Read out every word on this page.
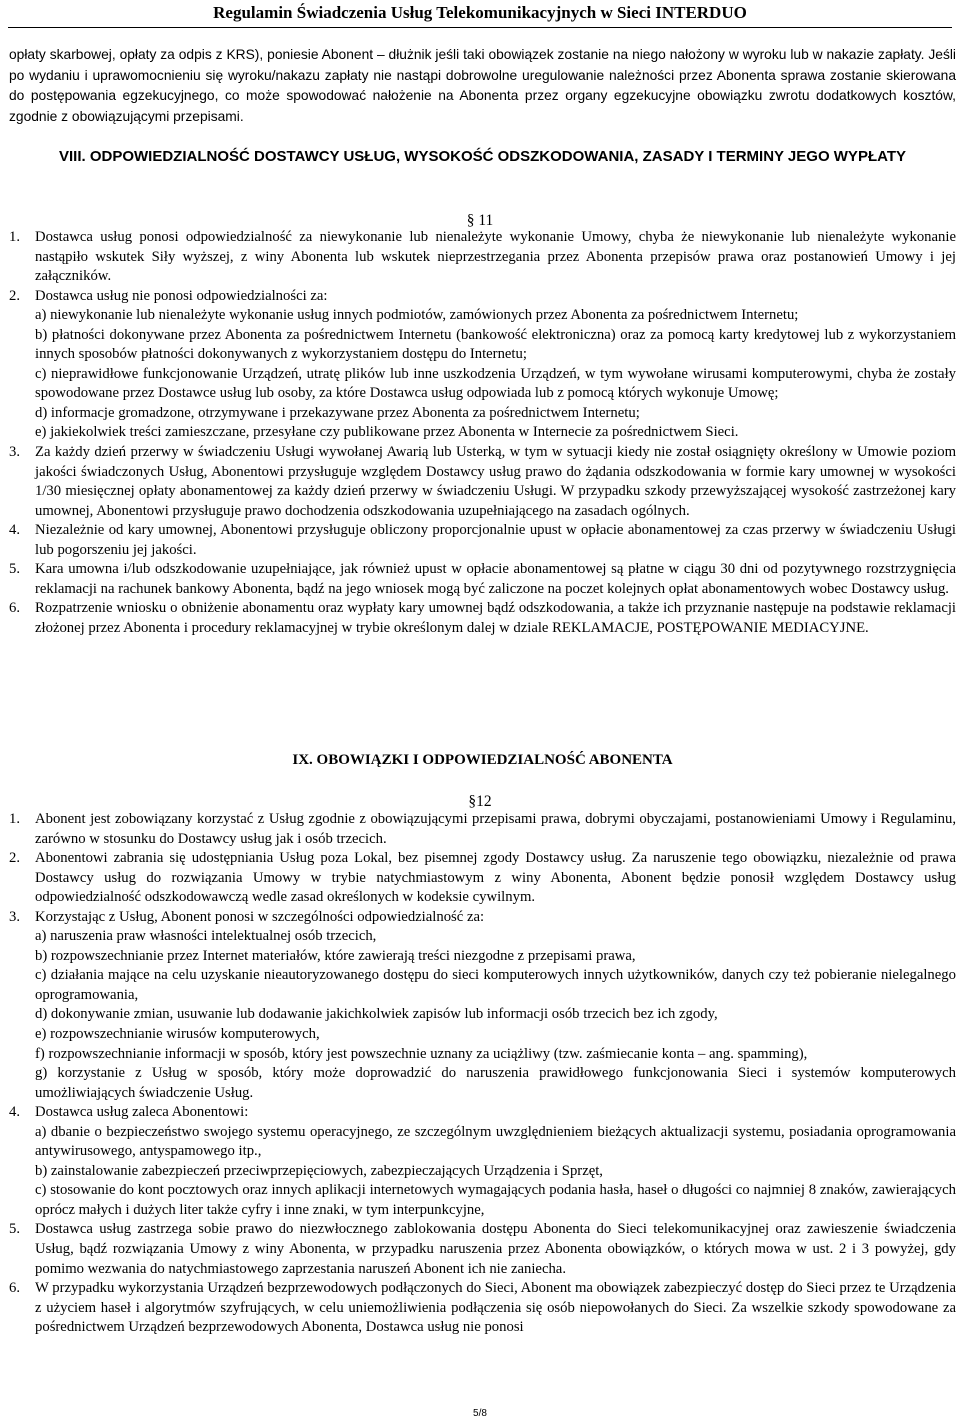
Regulamin Świadczenia Usług Telekomunikacyjnych w Sieci INTERDUO

opłaty skarbowej, opłaty za odpis z KRS), poniesie Abonent – dłużnik jeśli taki obowiązek zostanie na niego nałożony w wyroku lub w nakazie zapłaty. Jeśli po wydaniu i uprawomocnieniu się wyroku/nakazu zapłaty nie nastąpi dobrowolne uregulowanie należności przez Abonenta sprawa zostanie skierowana do postępowania egzekucyjnego, co może spowodować nałożenie na Abonenta przez organy egzekucyjne obowiązku zwrotu dodatkowych kosztów, zgodnie z obowiązującymi przepisami.

VIII. ODPOWIEDZIALNOŚĆ DOSTAWCY USŁUG, WYSOKOŚĆ ODSZKODOWANIA, ZASADY I TERMINY JEGO WYPŁATY
§ 11
1. Dostawca usług ponosi odpowiedzialność za niewykonanie lub nienależyte wykonanie Umowy, chyba że niewykonanie lub nienależyte wykonanie nastąpiło wskutek Siły wyższej, z winy Abonenta lub wskutek nieprzestrzegania przez Abonenta przepisów prawa oraz postanowień Umowy i jej załączników.
2. Dostawca usług nie ponosi odpowiedzialności za:
a) niewykonanie lub nienależyte wykonanie usług innych podmiotów, zamówionych przez Abonenta za pośrednictwem Internetu;
b) płatności dokonywane przez Abonenta za pośrednictwem Internetu (bankowość elektroniczna) oraz za pomocą karty kredytowej lub z wykorzystaniem innych sposobów płatności dokonywanych z wykorzystaniem dostępu do Internetu;
c) nieprawidłowe funkcjonowanie Urządzeń, utratę plików lub inne uszkodzenia Urządzeń, w tym wywołane wirusami komputerowymi, chyba że zostały spowodowane przez Dostawce usług lub osoby, za które Dostawca usług odpowiada lub z pomocą których wykonuje Umowę;
d) informacje gromadzone, otrzymywane i przekazywane przez Abonenta za pośrednictwem Internetu;
e) jakiekolwiek treści zamieszczane, przesyłane czy publikowane przez Abonenta w Internecie za pośrednictwem Sieci.
3. Za każdy dzień przerwy w świadczeniu Usługi wywołanej Awarią lub Usterką, w tym w sytuacji kiedy nie został osiągnięty określony w Umowie poziom jakości świadczonych Usług, Abonentowi przysługuje względem Dostawcy usług prawo do żądania odszkodowania w formie kary umownej w wysokości 1/30 miesięcznej opłaty abonamentowej za każdy dzień przerwy w świadczeniu Usługi. W przypadku szkody przewyższającej wysokość zastrzeżonej kary umownej, Abonentowi przysługuje prawo dochodzenia odszkodowania uzupełniającego na zasadach ogólnych.
4. Niezależnie od kary umownej, Abonentowi przysługuje obliczony proporcjonalnie upust w opłacie abonamentowej za czas przerwy w świadczeniu Usługi lub pogorszeniu jej jakości.
5. Kara umowna i/lub odszkodowanie uzupełniające, jak również upust w opłacie abonamentowej są płatne w ciągu 30 dni od pozytywnego rozstrzygnięcia reklamacji na rachunek bankowy Abonenta, bądź na jego wniosek mogą być zaliczone na poczet kolejnych opłat abonamentowych wobec Dostawcy usług.
6. Rozpatrzenie wniosku o obniżenie abonamentu oraz wypłaty kary umownej bądź odszkodowania, a także ich przyznanie następuje na podstawie reklamacji złożonej przez Abonenta i procedury reklamacyjnej w trybie określonym dalej w dziale REKLAMACJE, POSTĘPOWANIE MEDIACYJNE.
IX. OBOWIĄZKI I ODPOWIEDZIALNOŚĆ ABONENTA
§12
1. Abonent jest zobowiązany korzystać z Usług zgodnie z obowiązującymi przepisami prawa, dobrymi obyczajami, postanowieniami Umowy i Regulaminu, zarówno w stosunku do Dostawcy usług jak i osób trzecich.
2. Abonentowi zabrania się udostępniania Usług poza Lokal, bez pisemnej zgody Dostawcy usług. Za naruszenie tego obowiązku, niezależnie od prawa Dostawcy usług do rozwiązania Umowy w trybie natychmiastowym z winy Abonenta, Abonent będzie ponosił względem Dostawcy usług odpowiedzialność odszkodowawczą wedle zasad określonych w kodeksie cywilnym.
3. Korzystając z Usług, Abonent ponosi w szczególności odpowiedzialność za:
a) naruszenia praw własności intelektualnej osób trzecich,
b) rozpowszechnianie przez Internet materiałów, które zawierają treści niezgodne z przepisami prawa,
c) działania mające na celu uzyskanie nieautoryzowanego dostępu do sieci komputerowych innych użytkowników, danych czy też pobieranie nielegalnego oprogramowania,
d) dokonywanie zmian, usuwanie lub dodawanie jakichkolwiek zapisów lub informacji osób trzecich bez ich zgody,
e) rozpowszechnianie wirusów komputerowych,
f) rozpowszechnianie informacji w sposób, który jest powszechnie uznany za uciążliwy (tzw. zaśmiecanie konta – ang. spamming),
g) korzystanie z Usług w sposób, który może doprowadzić do naruszenia prawidłowego funkcjonowania Sieci i systemów komputerowych umożliwiających świadczenie Usług.
4. Dostawca usług zaleca Abonentowi:
a) dbanie o bezpieczeństwo swojego systemu operacyjnego, ze szczególnym uwzględnieniem bieżących aktualizacji systemu, posiadania oprogramowania antywirusowego, antyspamowego itp.,
b) zainstalowanie zabezpieczeń przeciwprzepięciowych, zabezpieczających Urządzenia i Sprzęt,
c) stosowanie do kont pocztowych oraz innych aplikacji internetowych wymagających podania hasła, haseł o długości co najmniej 8 znaków, zawierających oprócz małych i dużych liter także cyfry i inne znaki, w tym interpunkcyjne,
5. Dostawca usług zastrzega sobie prawo do niezwłocznego zablokowania dostępu Abonenta do Sieci telekomunikacyjnej oraz zawieszenie świadczenia Usług, bądź rozwiązania Umowy z winy Abonenta, w przypadku naruszenia przez Abonenta obowiązków, o których mowa w ust. 2 i 3 powyżej, gdy pomimo wezwania do natychmiastowego zaprzestania naruszeń Abonent ich nie zaniecha.
6. W przypadku wykorzystania Urządzeń bezprzewodowych podłączonych do Sieci, Abonent ma obowiązek zabezpieczyć dostęp do Sieci przez te Urządzenia z użyciem haseł i algorytmów szyfrujących, w celu uniemożliwienia podłączenia się osób niepowołanych do Sieci. Za wszelkie szkody spowodowane za pośrednictwem Urządzeń bezprzewodowych Abonenta, Dostawca usług nie ponosi
5/8
